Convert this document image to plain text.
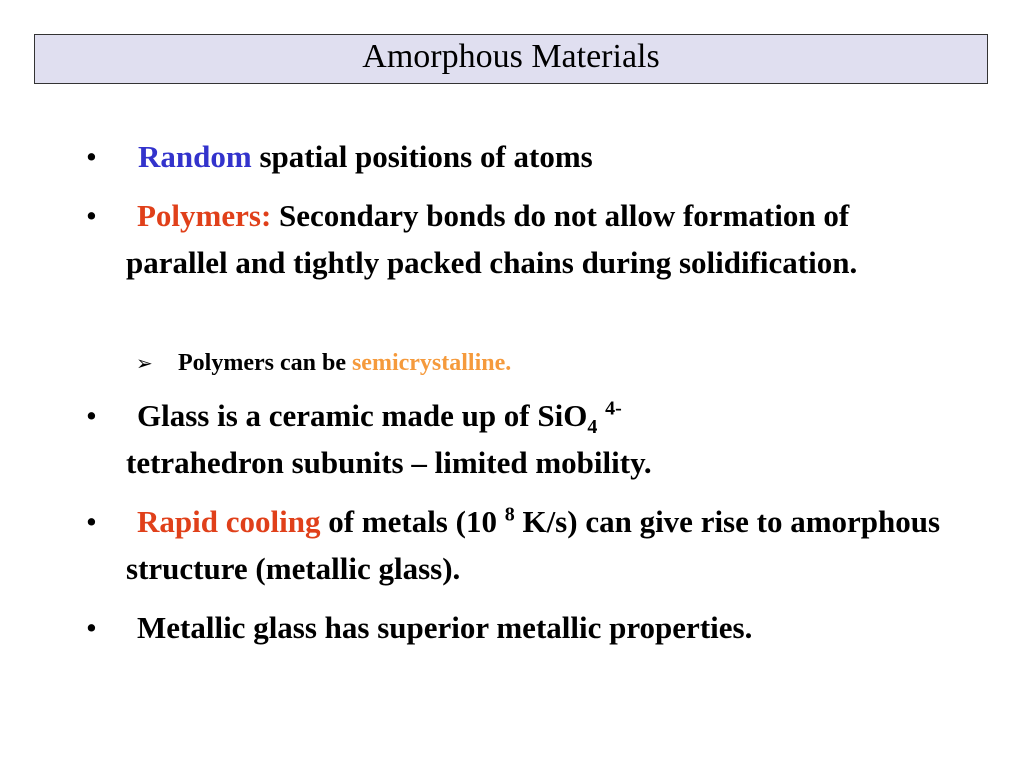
Amorphous Materials
• Random spatial positions of atoms
•	Polymers: Secondary bonds do not allow formation of parallel and tightly packed chains during solidification.
➢ Polymers can be semicrystalline.
•	Glass is a ceramic made up of SiO$_4$ $^{4-}$
tetrahedron subunits – limited mobility.
•	Rapid cooling of metals (10 $^8$ K/s) can give rise to amorphous structure (metallic glass).
• Metallic glass has superior metallic properties.
